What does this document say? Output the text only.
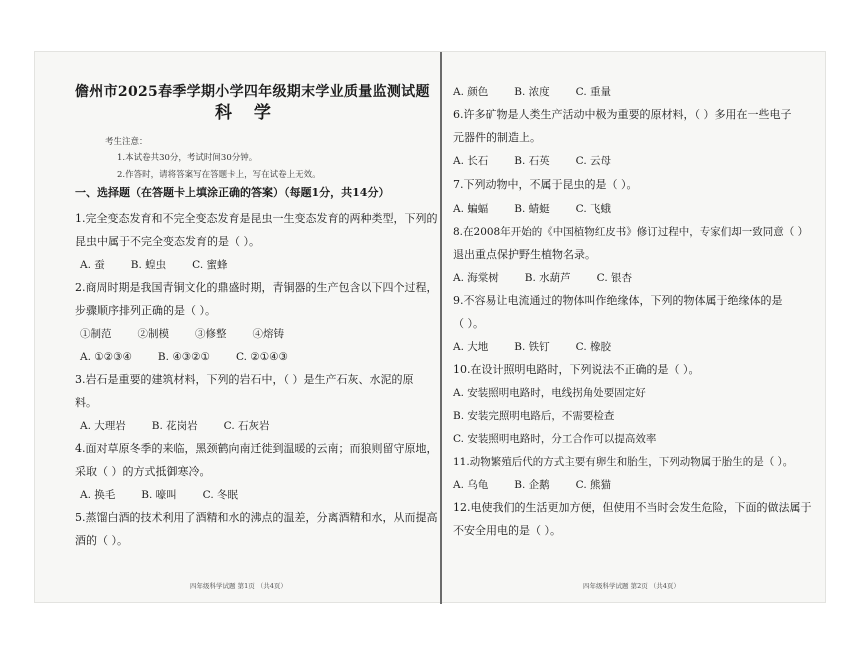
儋州市2025春季学期小学四年级期末学业质量监测试题
科 学
考生注意：
1.本试卷共30分，考试时间30分钟。
2.作答时，请将答案写在答题卡上，写在试卷上无效。
一、选择题（在答题卡上填涂正确的答案）（每题1分，共14分）
1.完全变态发育和不完全变态发育是昆虫一生变态发育的两种类型，下列的
昆虫中属于不完全变态发育的是（ ）。
A. 蚕 B. 蝗虫 C. 蜜蜂
2.商周时期是我国青铜文化的鼎盛时期，青铜器的生产包含以下四个过程，
步骤顺序排列正确的是（ ）。
①制范 ②制模 ③修整 ④熔铸
A. ①②③④ B. ④③②① C. ②①④③
3.岩石是重要的建筑材料，下列的岩石中，（ ）是生产石灰、水泥的原
料。
A. 大理岩 B. 花岗岩 C. 石灰岩
4.面对草原冬季的来临，黑颈鹤向南迁徙到温暖的云南；而狼则留守原地，
采取（ ）的方式抵御寒冷。
A. 换毛 B. 嚎叫 C. 冬眠
5.蒸馏白酒的技术利用了酒精和水的沸点的温差，分离酒精和水，从而提高
酒的（ ）。
四年级科学试题 第1页 （共4页）
A. 颜色 B. 浓度 C. 重量
6.许多矿物是人类生产活动中极为重要的原材料，（ ）多用在一些电子
元器件的制造上。
A. 长石 B. 石英 C. 云母
7.下列动物中，不属于昆虫的是（ ）。
A. 蝙蝠 B. 蜻蜓 C. 飞蛾
8.在2008年开始的《中国植物红皮书》修订过程中，专家们却一致同意（ ）
退出重点保护野生植物名录。
A. 海棠树 B. 水葫芦 C. 银杏
9.不容易让电流通过的物体叫作绝缘体，下列的物体属于绝缘体的是
（ ）。
A. 大地 B. 铁钉 C. 橡胶
10.在设计照明电路时，下列说法不正确的是（ ）。
A. 安装照明电路时，电线拐角处要固定好
B. 安装完照明电路后，不需要检查
C. 安装照明电路时，分工合作可以提高效率
11.动物繁殖后代的方式主要有卵生和胎生，下列动物属于胎生的是（ ）。
A. 乌龟 B. 企鹅 C. 熊猫
12.电使我们的生活更加方便，但使用不当时会发生危险，下面的做法属于
不安全用电的是（ ）。
四年级科学试题 第2页 （共4页）
